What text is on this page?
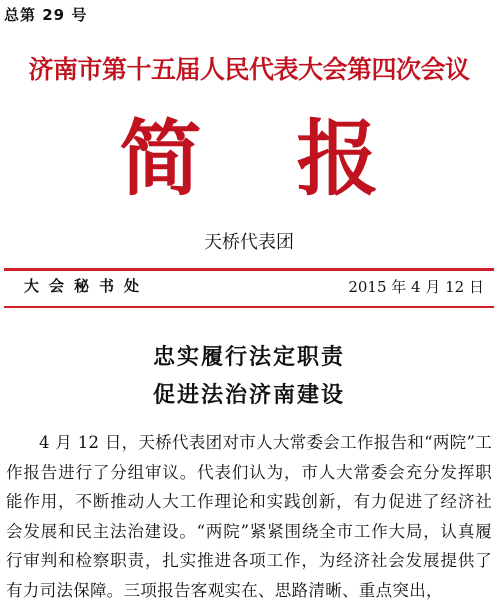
总第 29 号
济南市第十五届人民代表大会第四次会议
简报
天桥代表团
大会秘书处	2015 年 4 月 12 日
忠实履行法定职责
促进法治济南建设
4 月 12 日，天桥代表团对市人大常委会工作报告和“两院”工作报告进行了分组审议。代表们认为，市人大常委会充分发挥职能作用，不断推动人大工作理论和实践创新，有力促进了经济社会发展和民主法治建设。“两院”紧紧围绕全市工作大局，认真履行审判和检察职责，扎实推进各项工作，为经济社会发展提供了有力司法保障。三项报告客观实在、思路清晰、重点突出，
